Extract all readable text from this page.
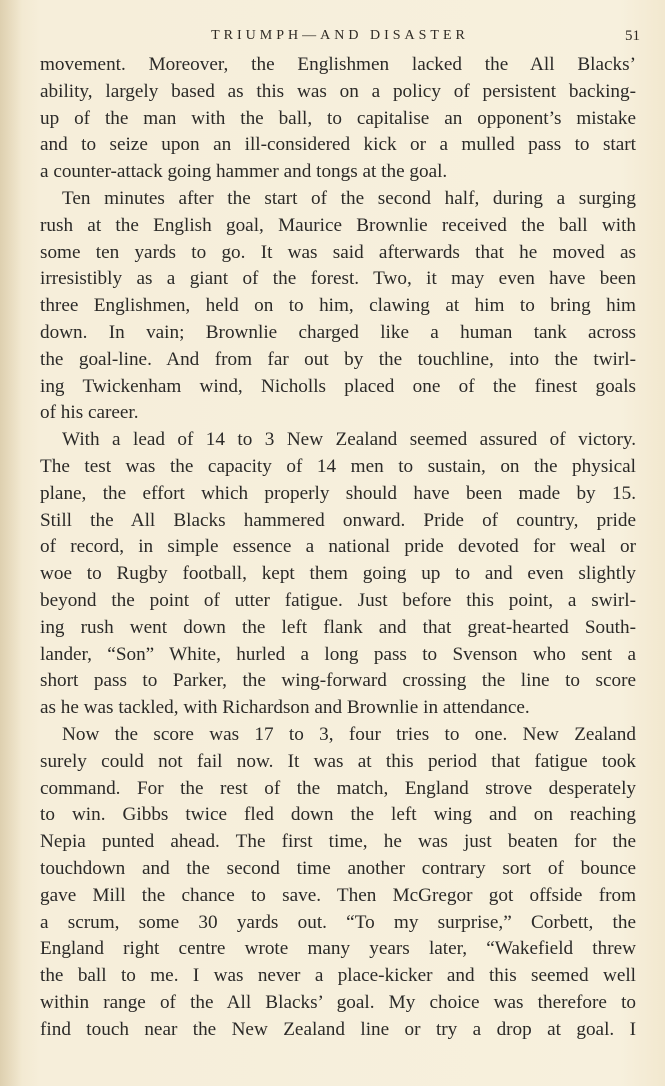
TRIUMPH—AND DISASTER	51
movement. Moreover, the Englishmen lacked the All Blacks’
ability, largely based as this was on a policy of persistent backing-
up of the man with the ball, to capitalise an opponent’s mistake
and to seize upon an ill-considered kick or a mulled pass to start
a counter-attack going hammer and tongs at the goal.
Ten minutes after the start of the second half, during a surging
rush at the English goal, Maurice Brownlie received the ball with
some ten yards to go. It was said afterwards that he moved as
irresistibly as a giant of the forest. Two, it may even have been
three Englishmen, held on to him, clawing at him to bring him
down. In vain; Brownlie charged like a human tank across
the goal-line. And from far out by the touchline, into the twirl-
ing Twickenham wind, Nicholls placed one of the finest goals
of his career.
With a lead of 14 to 3 New Zealand seemed assured of victory.
The test was the capacity of 14 men to sustain, on the physical
plane, the effort which properly should have been made by 15.
Still the All Blacks hammered onward. Pride of country, pride
of record, in simple essence a national pride devoted for weal or
woe to Rugby football, kept them going up to and even slightly
beyond the point of utter fatigue. Just before this point, a swirl-
ing rush went down the left flank and that great-hearted South-
lander, “Son” White, hurled a long pass to Svenson who sent a
short pass to Parker, the wing-forward crossing the line to score
as he was tackled, with Richardson and Brownlie in attendance.
Now the score was 17 to 3, four tries to one. New Zealand
surely could not fail now. It was at this period that fatigue took
command. For the rest of the match, England strove desperately
to win. Gibbs twice fled down the left wing and on reaching
Nepia punted ahead. The first time, he was just beaten for the
touchdown and the second time another contrary sort of bounce
gave Mill the chance to save. Then McGregor got offside from
a scrum, some 30 yards out. “To my surprise,” Corbett, the
England right centre wrote many years later, “Wakefield threw
the ball to me. I was never a place-kicker and this seemed well
within range of the All Blacks’ goal. My choice was therefore to
find touch near the New Zealand line or try a drop at goal. I
